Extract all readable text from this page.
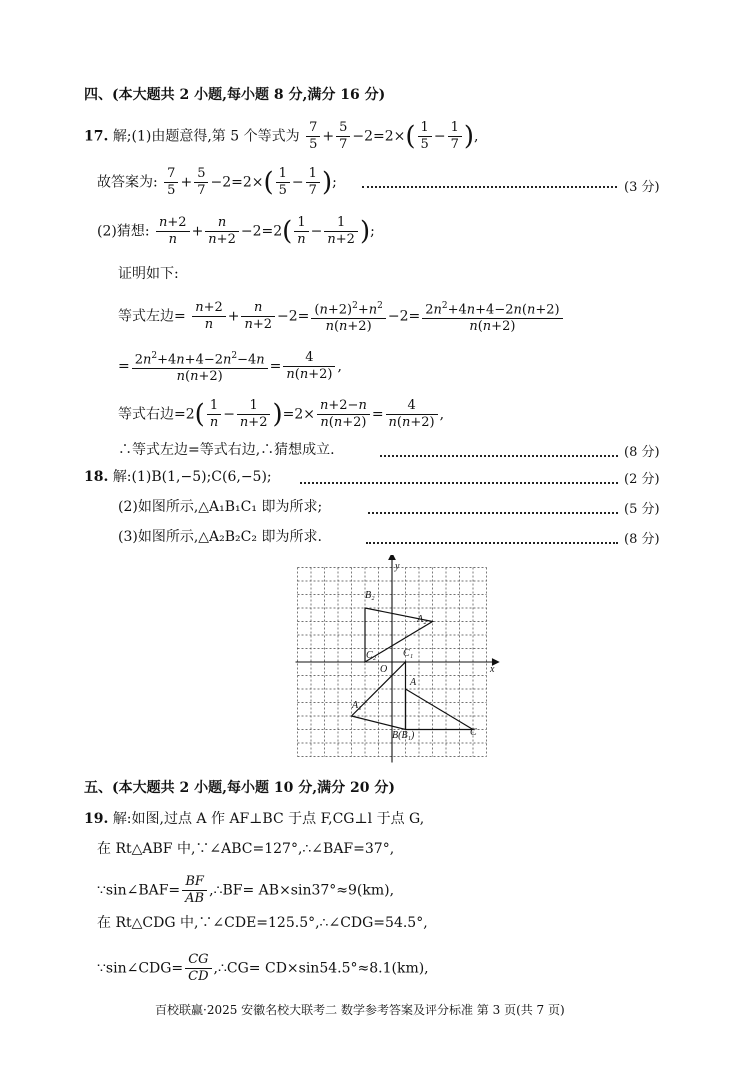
四、(本大题共 2 小题,每小题 8 分,满分 16 分)
17. 解;(1)由题意得,第 5 个等式为 $\frac{7}{5} + \frac{5}{7} -2=2\times( \frac{1}{5} - \frac{1}{7}$ ),
故答案为: $\frac{7}{5} + \frac{5}{7} -2=2\times( \frac{1}{5} - \frac{1}{7}$ );	(3 分)
(2)猜想: $\frac{n+2}{n} + \frac{n}{n+2} -2=2( \frac{1}{n} - \frac{1}{n+2}$ );
证明如下:
等式左边= $\frac{n+2}{n} + \frac{n}{n+2} -2= \frac{(n+2)^2+n^2}{n(n+2)} -2= \frac{2n^2+4n+4-2n(n+2)}{n(n+2)}$
= $\frac{2n^2+4n+4-2n^2-4n}{n(n+2)} = \frac{4}{n(n+2)}$ ,
等式右边$=2( \frac{1}{n} - \frac{1}{n+2} )=2\times \frac{n+2-n}{n(n+2)} = \frac{4}{n(n+2)}$ ,
∴等式左边=等式右边,∴猜想成立.	(8 分)
18. 解:(1)B(1,−5);C(6,−5);	(2 分)
(2)如图所示,△A₁B₁C₁ 即为所求;	(5 分)
(3)如图所示,△A₂B₂C₂ 即为所求.	(8 分)
y
x
O
A
B(B₁)	C
A₁
C₁
A₂
B₂
C₂
五、(本大题共 2 小题,每小题 10 分,满分 20 分)
19. 解:如图,过点 A 作 AF⊥BC 于点 F,CG⊥l 于点 G,
在 Rt△ABF 中,∵∠ABC=127°,∴∠BAF=37°,
∵sin∠BAF= $\frac{BF}{AB}$ ,∴BF= AB×sin37°≈9(km),
在 Rt△CDG 中,∵∠CDE=125.5°,∴∠CDG=54.5°,
∵sin∠CDG= $\frac{CG}{CD}$ ,∴CG= CD×sin54.5°≈8.1(km),
百校联赢·2025 安徽名校大联考二 数学参考答案及评分标准 第 3 页(共 7 页)
